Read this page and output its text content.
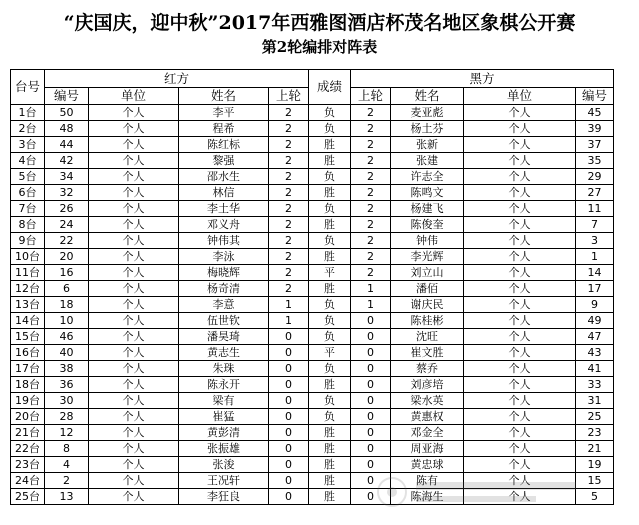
“庆国庆，迎中秋”2017年西雅图酒店杯茂名地区象棋公开赛
第2轮编排对阵表
台号	红方				成绩	黑方			
	编号	单位	姓名	上轮		上轮	姓名	单位	编号
1台	50	个人	李平	2	负	2	麦亚彪	个人	45
2台	48	个人	程希	2	负	2	杨土芬	个人	39
3台	44	个人	陈红标	2	胜	2	张新	个人	37
4台	42	个人	黎强	2	胜	2	张建	个人	35
5台	34	个人	邵水生	2	负	2	许志全	个人	29
6台	32	个人	林信	2	胜	2	陈鸣文	个人	27
7台	26	个人	李土华	2	负	2	杨建飞	个人	11
8台	24	个人	邓义舟	2	胜	2	陈俊奎	个人	7
9台	22	个人	钟伟其	2	负	2	钟伟	个人	3
10台	20	个人	李泳	2	胜	2	李光辉	个人	1
11台	16	个人	梅晓辉	2	平	2	刘立山	个人	14
12台	6	个人	杨奇清	2	胜	1	潘佰	个人	17
13台	18	个人	李意	1	负	1	谢庆民	个人	9
14台	10	个人	伍世钦	1	负	0	陈桂彬	个人	49
15台	46	个人	潘昊琦	0	负	0	沈旺	个人	47
16台	40	个人	黄志生	0	平	0	崔文胜	个人	43
17台	38	个人	朱珠	0	负	0	蔡乔	个人	41
18台	36	个人	陈永开	0	胜	0	刘彦培	个人	33
19台	30	个人	梁有	0	负	0	梁水英	个人	31
20台	28	个人	崔猛	0	负	0	黄惠权	个人	25
21台	12	个人	黄彭清	0	胜	0	邓金全	个人	23
22台	8	个人	张振雄	0	胜	0	周亚海	个人	21
23台	4	个人	张浚	0	胜	0	黄忠球	个人	19
24台	2	个人	王况轩	0	胜	0	陈有	个人	15
25台	13	个人	李狂良	0	胜	0	陈海生	个人	5
